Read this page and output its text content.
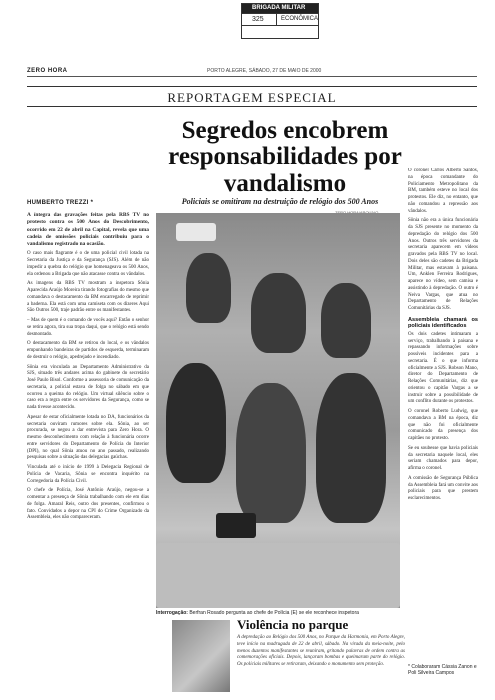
BRIGADA MILITAR
325	ECONÔMICA
ZERO HORA	PORTO ALEGRE, SÁBADO, 27 DE MAIO DE 2000
REPORTAGEM ESPECIAL
Segredos encobrem responsabilidades por vandalismo
Policiais se omitiram na destruição de relógio dos 500 Anos
HUMBERTO TREZZI *

A íntegra das gravações feitas pela RBS TV no protesto contra os 500 Anos do Descobrimento, ocorrido em 22 de abril na Capital, revela que uma cadeia de omissões policiais contribuiu para o vandalismo registrado na ocasião.

O caso mais flagrante é o de uma policial civil lotada na Secretaria da Justiça e da Segurança (SJS). Além de não impedir a quebra do relógio que homenageava os 500 Anos, ela ordenou a Brigada que não atacasse contra os vândalos.

As imagens da RBS TV mostram a inspetora Sônia Aparecida Araújo Moreira tirando fotografias do mesmo que comandava o destacamento da BM encarregado de reprimir a baderna. Ela está com uma camiseta com os dizeres Aqui São Outros 500, traje padrão entre os manifestantes.

– Mas de quem é o comando de vocês aqui? Então o senhor se retira agora, tira sua tropa daqui, que o relógio está sendo desmontado.

O destacamento da BM se retirou do local, e os vândalos empunhando bandeiras de partidos de esquerda, terminaram de destruir o relógio, apedrejado e incendiado.

Sônia era vinculada ao Departamento Administrativo da SJS, situado três andares acima do gabinete do secretário José Paulo Bisol. Conforme a assessoria de comunicação da secretaria, a policial estava de folga no sábado em que ocorreu a queima do relógio. Um virtual silêncio sobre o caso era a regra entre os servidores da Segurança, como se nada tivesse acontecido.

Apesar de estar oficialmente lotada no DA, funcionários da secretaria ouviram rumores sobre ela. Sônia, ao ser procurada, se negou a dar entrevista para Zero Hora. O mesmo desconhecimento com relação à funcionária ocorre entre servidores do Departamento de Polícia do Interior (DPI), no qual Sônia atuou no ano passado, realizando pesquisas sobre a situação das delegacias gaúchas.

Vinculada até o início de 1999 à Delegacia Regional de Polícia de Vacaria, Sônia se encontra inquérito na Corregedoria da Polícia Civil.

O chefe de Polícia, José Antônio Araújo, negou-se a comentar a presença de Sônia trabalhando com ele em dias de folga. Amaral Reis, outro dos presentes, confirmou o fato. Convidados a depor na CPI do Crime Organizado da Assembleia, eles não compareceram.

Interrogação: Berfran Rosado pergunta ao chefe de Polícia (E) se ele reconhece inspetora
Violência no parque
A depredação ao Relógio dos 500 Anos, no Parque da Harmonia, em Porto Alegre, teve início na madrugada de 22 de abril, sábado. Na virada da meia-noite, pelo menos duzentos manifestantes se reuniram, gritando palavras de ordem contra as comemorações oficiais. Depois, lançaram bombas e queimaram parte do relógio. Os policiais militares se retiraram, deixando o monumento sem proteção.

O coronel Carlos Alberto Santos, na época comandante do Policiamento Metropolitano da BM, também esteve no local dos protestos. Ele diz, no entanto, que não comandou a repressão aos vândalos.

Sônia não era a única funcionária da SJS presente no momento da depredação do relógio dos 500 Anos. Outros três servidores da secretaria aparecem em vídeos gravados pela RBS TV no local. Dois deles são cadetes da Brigada Militar, mas estavam à paisana. Um, Anklen Ferreira Rodrigues, aparece no vídeo, sem camisa e assistindo à depredação. O outro é Neiva Vargas, que atua no Departamento de Relações Comunitárias da SJS.

Assembleia chamará os policiais identificados

Os dois cadetes intimaram a serviço, trabalhando à paisana e repassando informações sobre possíveis incidentes para a secretaria. É o que informa oficialmente a SJS. Robson Mano, diretor do Departamento de Relações Comunitárias, diz que orientou o capitão Vargas a se instruir sobre a possibilidade de um conflito durante os protestos.

O coronel Roberto Ludwig, que comandava a BM na época, diz que não foi oficialmente comunicado da presença dos capitães no protesto.

Se eu soubesse que havia policiais da secretaria naquele local, eles seriam chamados para depor, afirma o coronel.

A comissão de Segurança Pública da Assembleia fará um convite aos policiais para que prestem esclarecimentos.

* Colaboraram Cássia Zanon e Poli Silveira Campos
